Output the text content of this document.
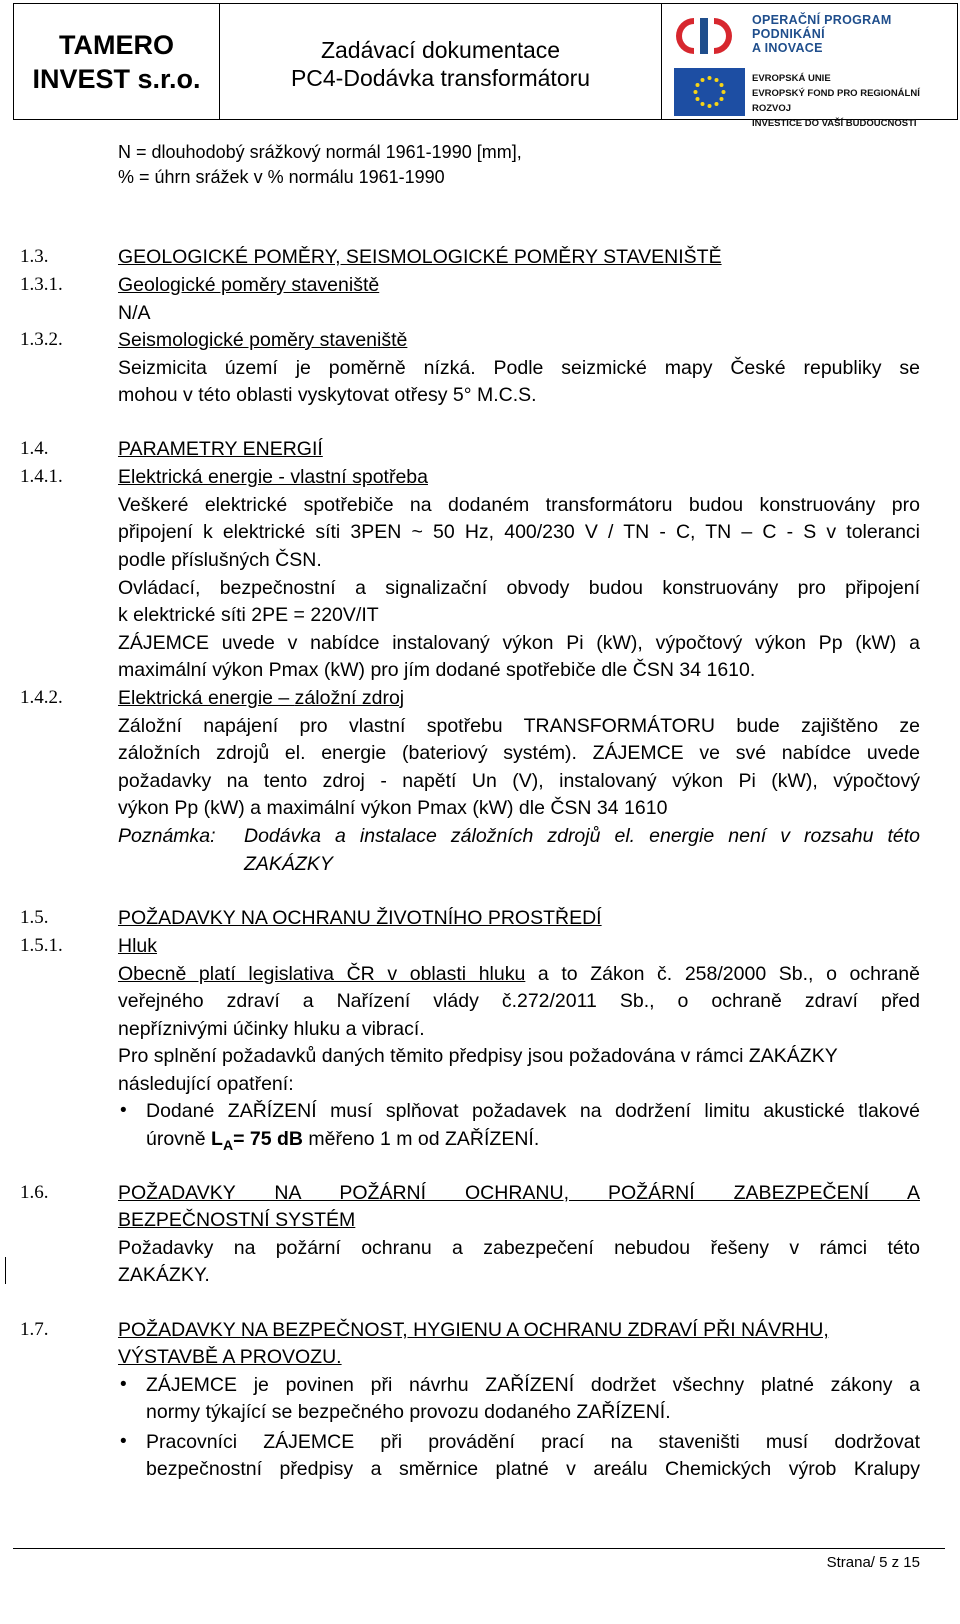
TAMERO
INVEST s.r.o.
Zadávací dokumentace
PC4-Dodávka transformátoru
OPERAČNÍ PROGRAM
PODNIKÁNÍ
A INOVACE
EVROPSKÁ UNIE
EVROPSKÝ FOND PRO REGIONÁLNÍ ROZVOJ
INVESTICE DO VAŠÍ BUDOUCNOSTI
N = dlouhodobý srážkový normál 1961-1990 [mm],
% = úhrn srážek v % normálu 1961-1990
1.3.	GEOLOGICKÉ POMĚRY, SEISMOLOGICKÉ POMĚRY STAVENIŠTĚ
1.3.1.	Geologické poměry staveniště
N/A
1.3.2.	Seismologické poměry staveniště
Seizmicita území je poměrně nízká. Podle seizmické mapy České republiky se
mohou v této oblasti vyskytovat otřesy 5° M.C.S.
1.4.	PARAMETRY ENERGIÍ
1.4.1.	Elektrická energie - vlastní spotřeba
Veškeré elektrické spotřebiče na dodaném transformátoru budou konstruovány pro
připojení k elektrické síti 3PEN ~ 50 Hz, 400/230 V / TN - C, TN – C - S v toleranci
podle příslušných ČSN.
Ovládací, bezpečnostní a signalizační obvody budou konstruovány pro připojení
k elektrické síti 2PE = 220V/IT
ZÁJEMCE uvede v nabídce instalovaný výkon Pi (kW), výpočtový výkon Pp (kW) a
maximální výkon Pmax (kW) pro jím dodané spotřebiče dle ČSN 34 1610.
1.4.2.	Elektrická energie – záložní zdroj
Záložní napájení pro vlastní spotřebu TRANSFORMÁTORU bude zajištěno ze
záložních zdrojů el. energie (bateriový systém). ZÁJEMCE ve své nabídce uvede
požadavky na tento zdroj - napětí Un (V), instalovaný výkon Pi (kW), výpočtový
výkon Pp (kW) a maximální výkon Pmax (kW) dle ČSN 34 1610
Poznámka: Dodávka a instalace záložních zdrojů el. energie není v rozsahu této
ZAKÁZKY
1.5.	POŽADAVKY NA OCHRANU ŽIVOTNÍHO PROSTŘEDÍ
1.5.1.	Hluk
Obecně platí legislativa ČR v oblasti hluku a to Zákon č. 258/2000 Sb., o ochraně
veřejného zdraví a Nařízení vlády č.272/2011 Sb., o ochraně zdraví před
nepříznivými účinky hluku a vibrací.
Pro splnění požadavků daných těmito předpisy jsou požadována v rámci ZAKÁZKY
následující opatření:
• Dodané ZAŘÍZENÍ musí splňovat požadavek na dodržení limitu akustické tlakové
úrovně $L_A= 75$ dB měřeno 1 m od ZAŘÍZENÍ.
1.6.	POŽADAVKY NA POŽÁRNÍ OCHRANU, POŽÁRNÍ ZABEZPEČENÍ A
BEZPEČNOSTNÍ SYSTÉM
Požadavky na požární ochranu a zabezpečení nebudou řešeny v rámci této
ZAKÁZKY.
1.7.	POŽADAVKY NA BEZPEČNOST, HYGIENU A OCHRANU ZDRAVÍ PŘI NÁVRHU,
VÝSTAVBĚ A PROVOZU.
• ZÁJEMCE je povinen při návrhu ZAŘÍZENÍ dodržet všechny platné zákony a
normy týkající se bezpečného provozu dodaného ZAŘÍZENÍ.
• Pracovníci ZÁJEMCE při provádění prací na staveništi musí dodržovat
bezpečnostní předpisy a směrnice platné v areálu Chemických výrob Kralupy
Strana/ 5 z 15
